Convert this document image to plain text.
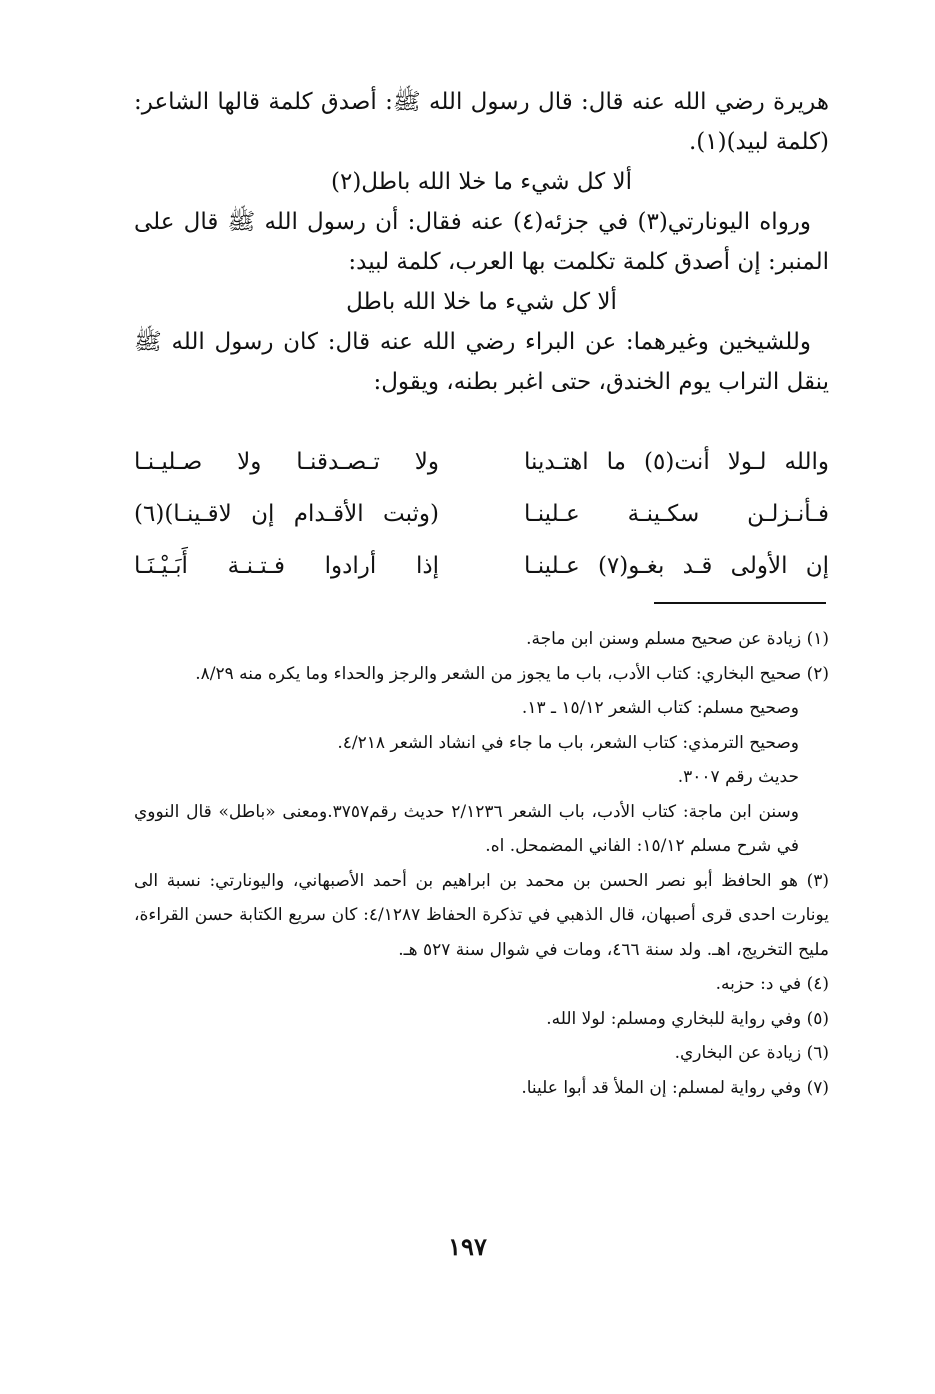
هريرة رضي الله عنه قال: قال رسول الله ﷺ: أصدق كلمة قالها الشاعر: (كلمة لبيد)(١).

ألا كل شيء ما خلا الله باطل(٢)

ورواه اليونارتي(٣) في جزئه(٤) عنه فقال: أن رسول الله ﷺ قال على المنبر: إن أصدق كلمة تكلمت بها العرب، كلمة لبيد:

ألا كل شيء ما خلا الله باطل

وللشيخين وغيرهما: عن البراء رضي الله عنه قال: كان رسول الله ﷺ ينقل التراب يوم الخندق، حتى اغبر بطنه، ويقول:

والله لـولا أنت(٥) ما اهتـدينا
ولا تـصـدقنـا ولا صـليـنـا
فـأنـزلـن سكـينـة عـلينـا
(وثبت الأقـدام إن لاقـينـا)(٦)
إن الأولى قـد بغـو(٧) عـلينـا
إذا أرادوا فـتـنـة أَبَـيْـنَـا

(١) زيادة عن صحيح مسلم وسنن ابن ماجة.

(٢) صحيح البخاري: كتاب الأدب، باب ما يجوز من الشعر والرجز والحداء وما يكره منه ٨/٢٩.

وصحيح مسلم: كتاب الشعر ١٥/١٢ ـ ١٣.

وصحيح الترمذي: كتاب الشعر، باب ما جاء في انشاد الشعر ٤/٢١٨.

حديث رقم ٣٠٠٧.

وسنن ابن ماجة: كتاب الأدب، باب الشعر ٢/١٢٣٦ حديث رقم٣٧٥٧.ومعنى «باطل» قال النووي في شرح مسلم ١٥/١٢: الفاني المضمحل. اه.

(٣) هو الحافظ أبو نصر الحسن بن محمد بن ابراهيم بن أحمد الأصبهاني، واليونارتي: نسبة الى يونارت احدى قرى أصبهان، قال الذهبي في تذكرة الحفاظ ٤/١٢٨٧: كان سريع الكتابة حسن القراءة، مليح التخريج، اهـ. ولد سنة ٤٦٦، ومات في شوال سنة ٥٢٧ هـ.

(٤) في د: حزبه.

(٥) وفي رواية للبخاري ومسلم: لولا الله.

(٦) زيادة عن البخاري.

(٧) وفي رواية لمسلم: إن الملأ قد أبوا علينا.

١٩٧
